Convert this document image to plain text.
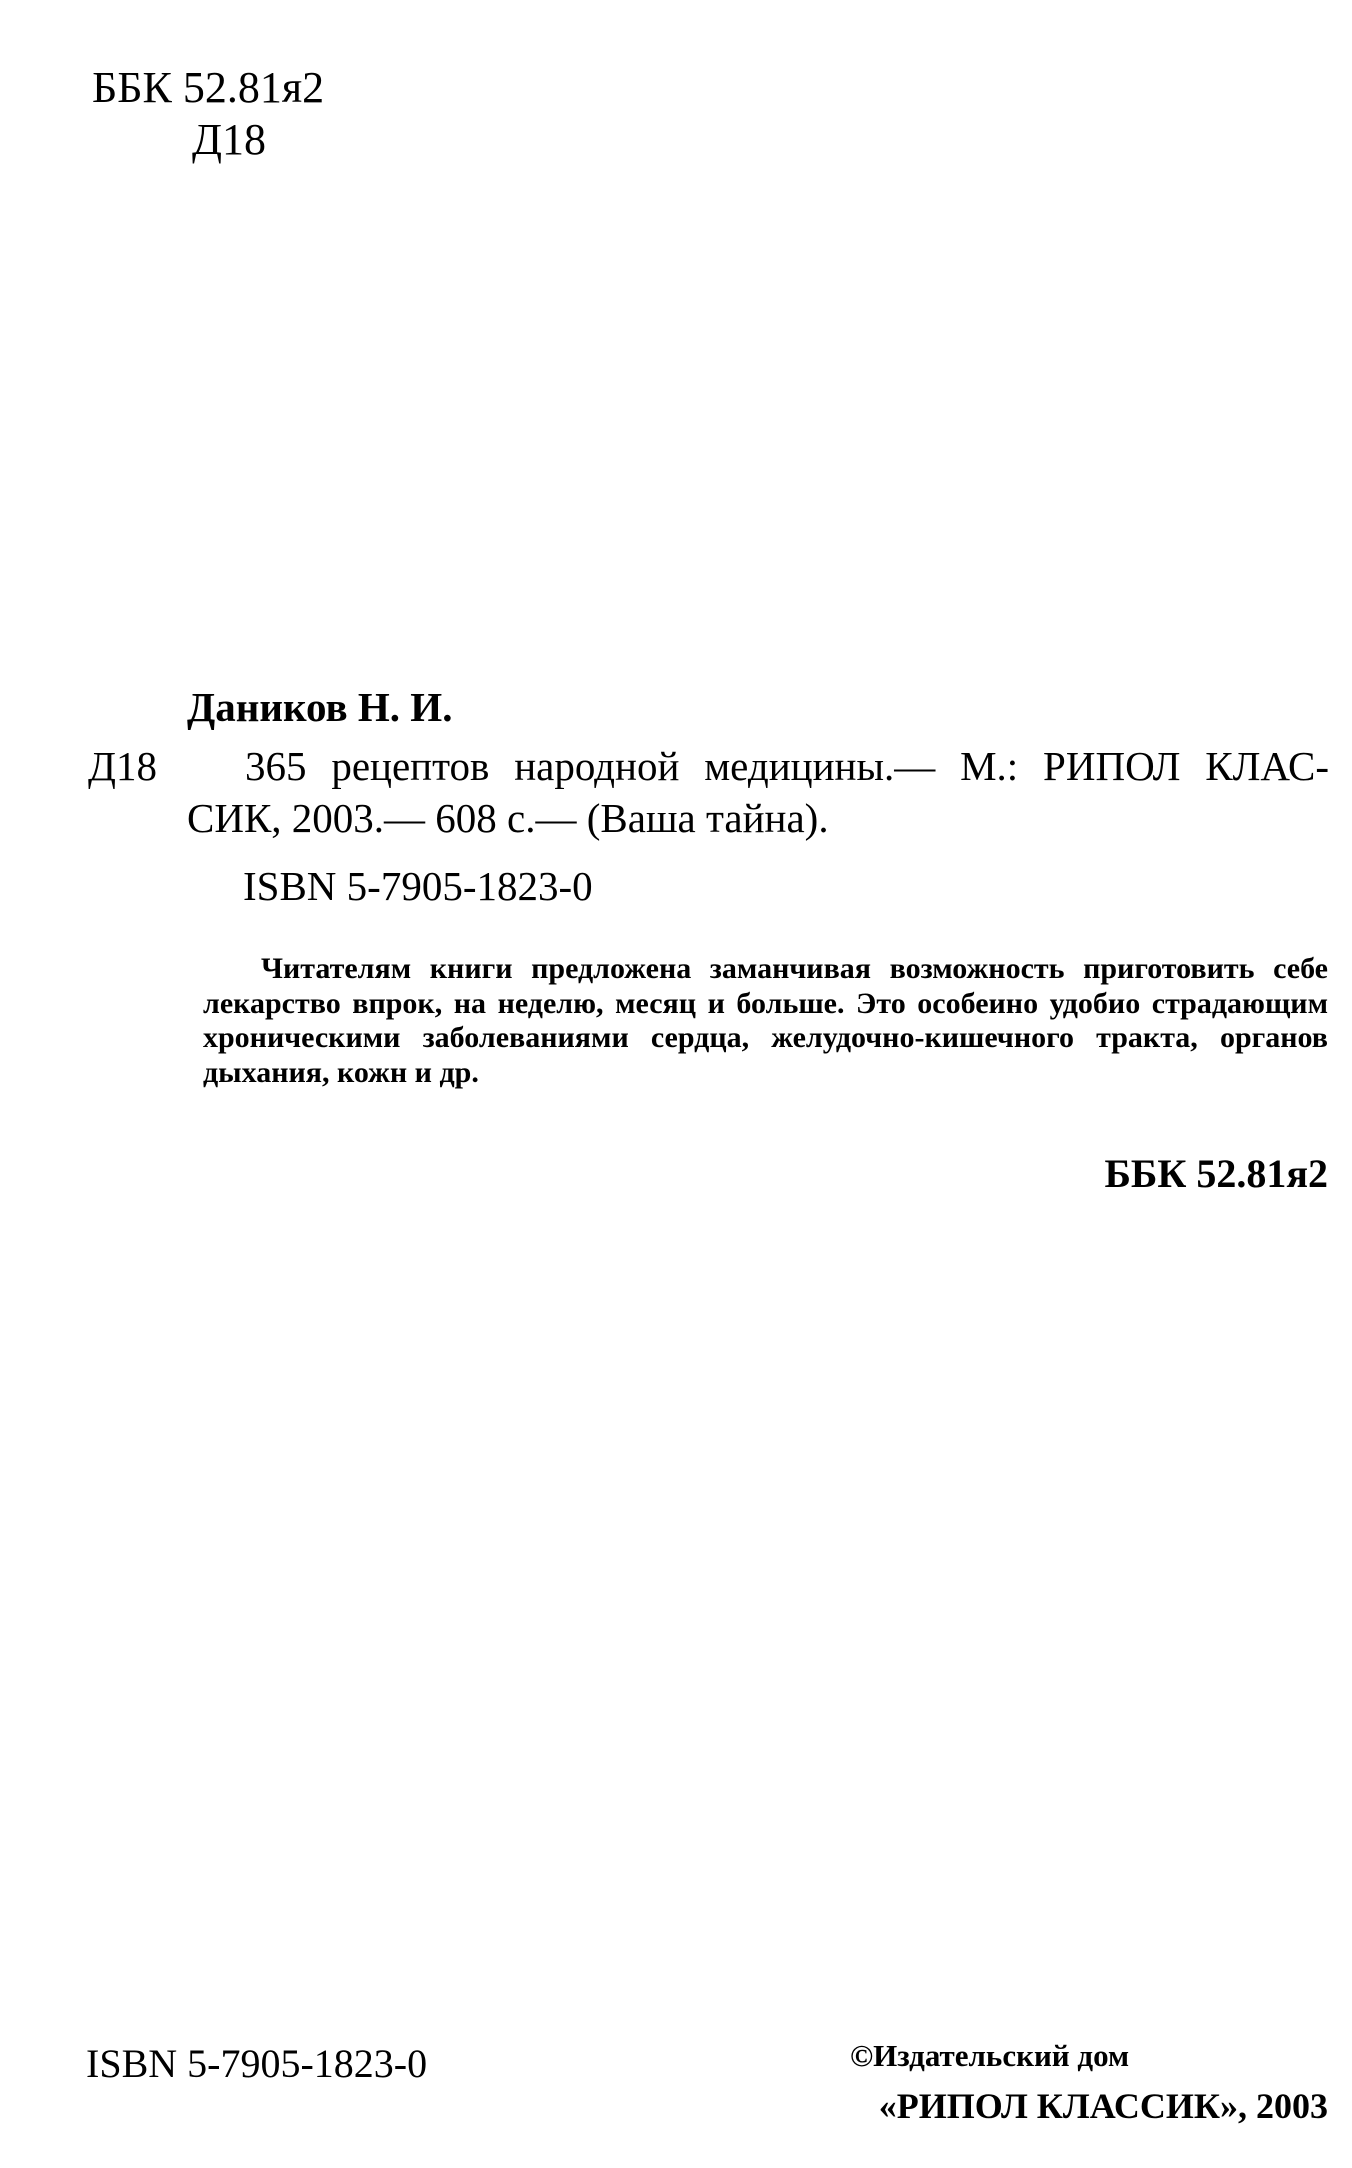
ББК 52.81я2
Д18
Даников Н. И.
Д18	365 рецептов народной медицины.— М.: РИПОЛ КЛАС-
СИК, 2003.— 608 с.— (Ваша тайна).
ISBN 5-7905-1823-0
Читателям книги предложена заманчивая возможность приготовить себе
лекарство впрок, на неделю, месяц и больше. Это особеино удобио страдающим
хроническими заболеваниями сердца, желудочно-кишечного тракта, органов
дыхания, кожн и др.
ББК 52.81я2
ISBN 5-7905-1823-0	©Издательский дом
«РИПОЛ КЛАССИК», 2003
